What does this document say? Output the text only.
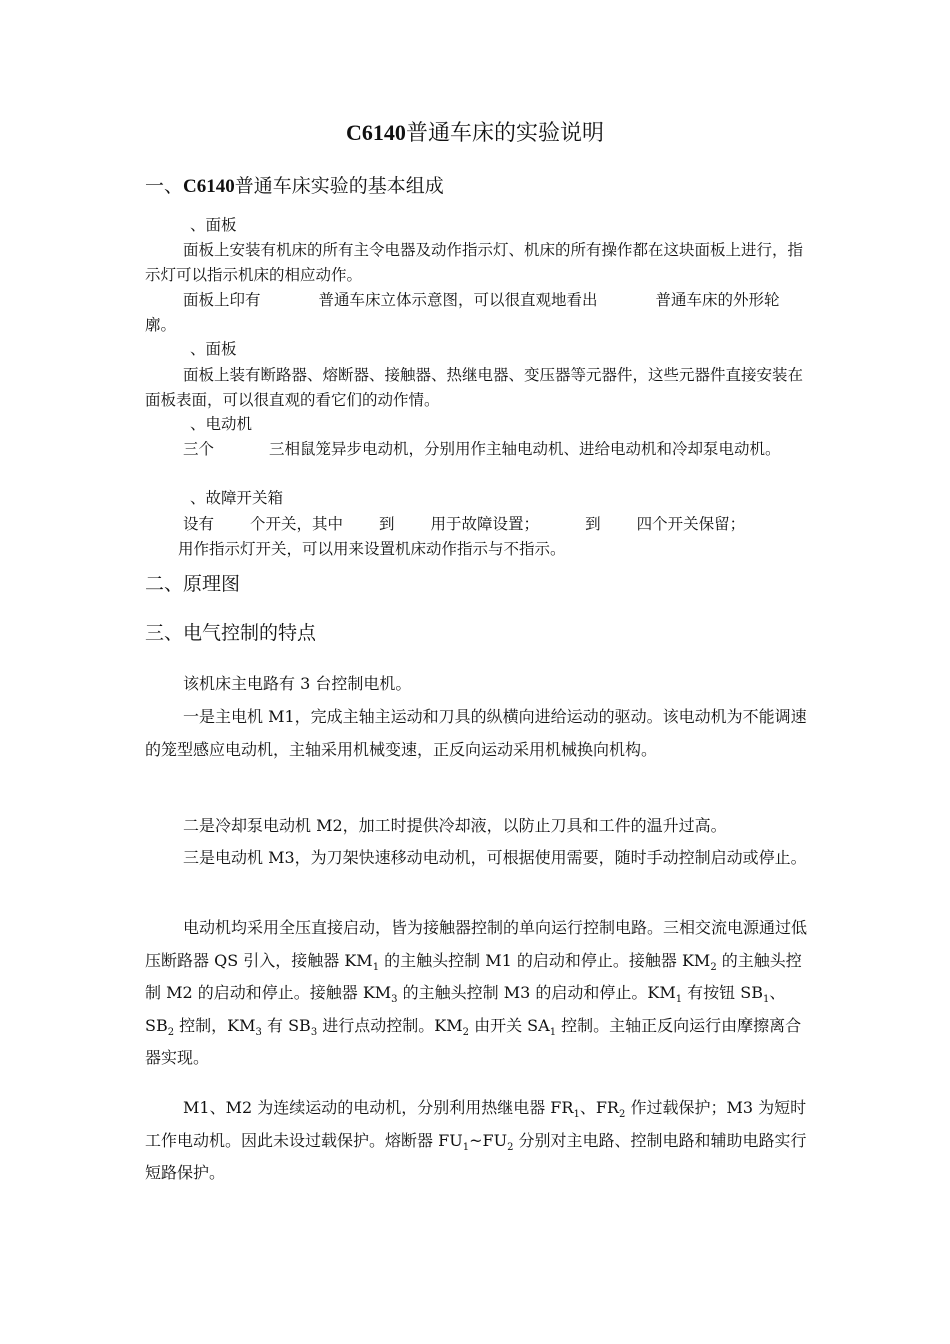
C6140普通车床的实验说明
一、C6140普通车床实验的基本组成
、面板

面板上安装有机床的所有主令电器及动作指示灯、机床的所有操作都在这块面板上进行，指示灯可以指示机床的相应动作。

面板上印有	普通车床立体示意图，可以很直观地看出	普通车床的外形轮廓。

、面板

面板上装有断路器、熔断器、接触器、热继电器、变压器等元器件，这些元器件直接安装在面板表面，可以很直观的看它们的动作情。

、电动机

三个	三相鼠笼异步电动机，分别用作主轴电动机、进给电动机和冷却泵电动机。

、故障开关箱

设有 个开关，其中 到 用于故障设置；	到 四个开关保留；

用作指示灯开关，可以用来设置机床动作指示与不指示。

二、原理图
三、电气控制的特点

该机床主电路有 3 台控制电机。

一是主电机 M1，完成主轴主运动和刀具的纵横向进给运动的驱动。该电动机为不能调速的笼型感应电动机，主轴采用机械变速，正反向运动采用机械换向机构。

二是冷却泵电动机 M2，加工时提供冷却液，以防止刀具和工件的温升过高。

三是电动机 M3，为刀架快速移动电动机，可根据使用需要，随时手动控制启动或停止。

电动机均采用全压直接启动，皆为接触器控制的单向运行控制电路。三相交流电源通过低压断路器 QS 引入，接触器 $KM_1$ 的主触头控制 M1 的启动和停止。接触器 $KM_2$ 的主触头控制 M2 的启动和停止。接触器 $KM_3$ 的主触头控制 M3 的启动和停止。$KM_1$ 有按钮 $SB_1$、$SB_2$ 控制，$KM_3$ 有 $SB_3$ 进行点动控制。$KM_2$ 由开关 $SA_1$ 控制。主轴正反向运行由摩擦离合器实现。

M1、M2 为连续运动的电动机，分别利用热继电器 $FR_1$、$FR_2$ 作过载保护；M3 为短时工作电动机。因此未设过载保护。熔断器 $FU_1\sim FU_2$ 分别对主电路、控制电路和辅助电路实行短路保护。
